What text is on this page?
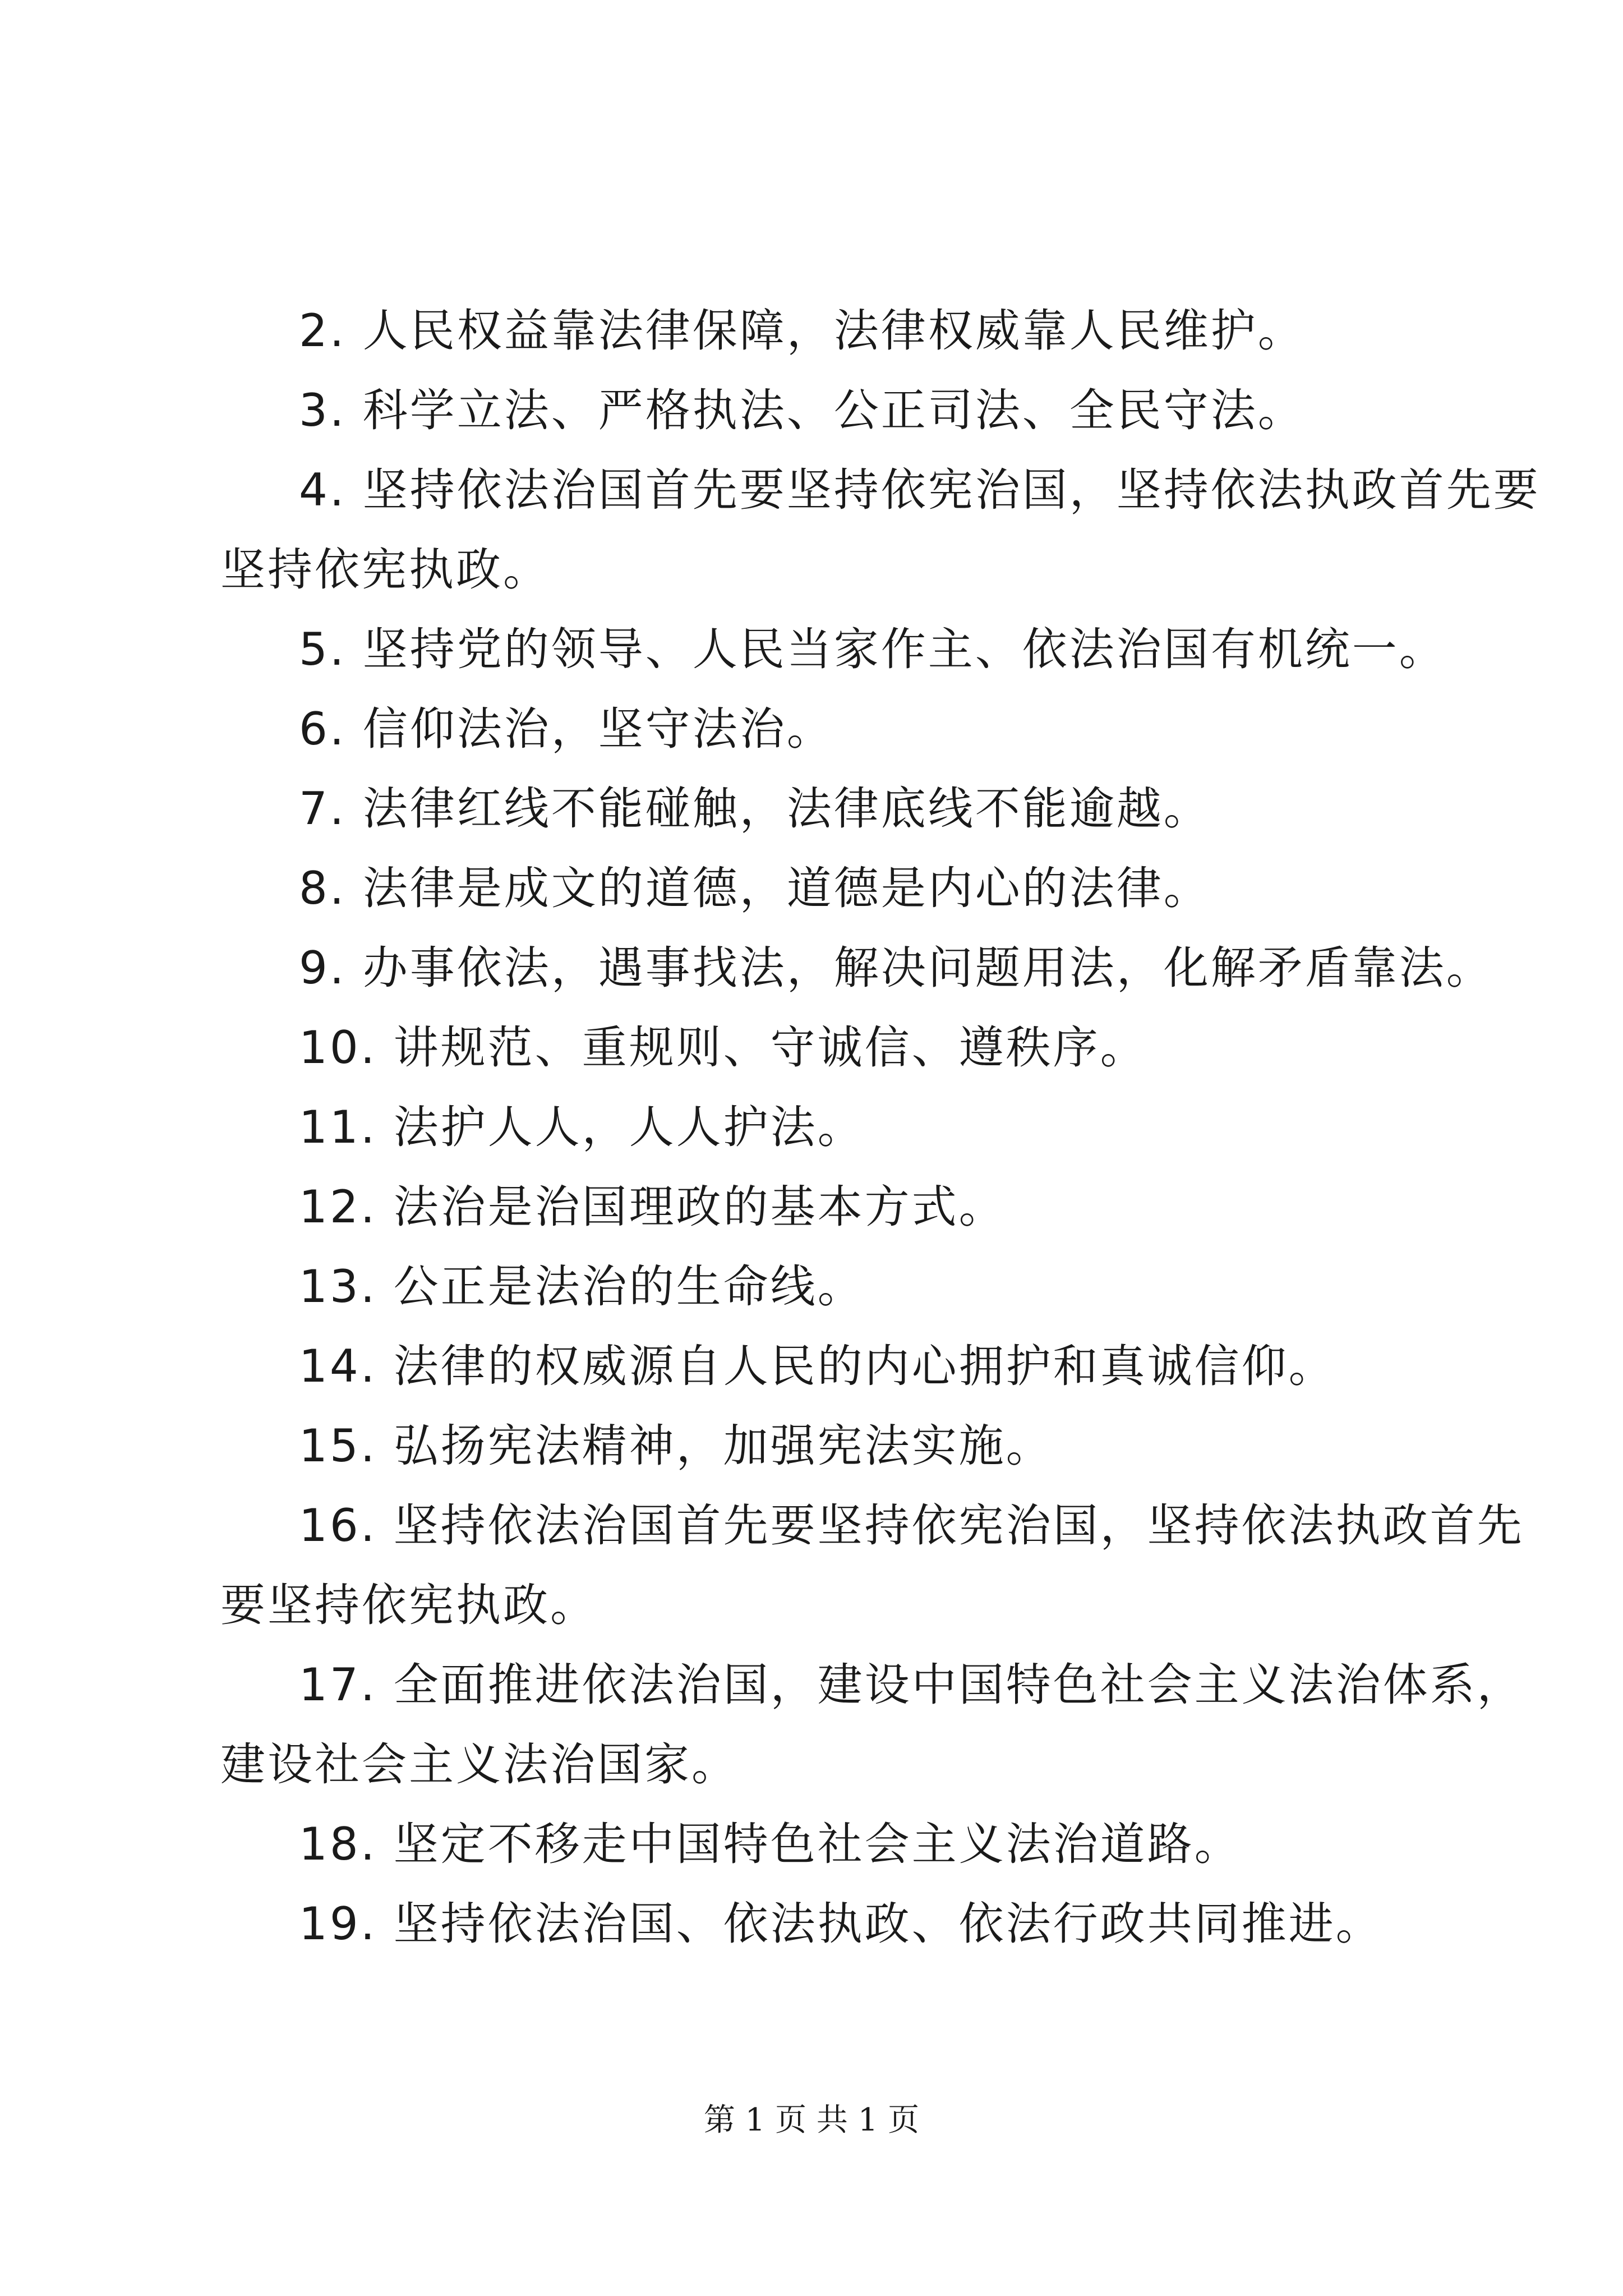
2. 人民权益靠法律保障，法律权威靠人民维护。
3. 科学立法、严格执法、公正司法、全民守法。
4. 坚持依法治国首先要坚持依宪治国，坚持依法执政首先要
坚持依宪执政。
5. 坚持党的领导、人民当家作主、依法治国有机统一。
6. 信仰法治，坚守法治。
7. 法律红线不能碰触，法律底线不能逾越。
8. 法律是成文的道德，道德是内心的法律。
9. 办事依法，遇事找法，解决问题用法，化解矛盾靠法。
10. 讲规范、重规则、守诚信、遵秩序。
11. 法护人人，人人护法。
12. 法治是治国理政的基本方式。
13. 公正是法治的生命线。
14. 法律的权威源自人民的内心拥护和真诚信仰。
15. 弘扬宪法精神，加强宪法实施。
16. 坚持依法治国首先要坚持依宪治国，坚持依法执政首先
要坚持依宪执政。
17. 全面推进依法治国，建设中国特色社会主义法治体系，
建设社会主义法治国家。
18. 坚定不移走中国特色社会主义法治道路。
19. 坚持依法治国、依法执政、依法行政共同推进。
第 1 页 共 1 页
